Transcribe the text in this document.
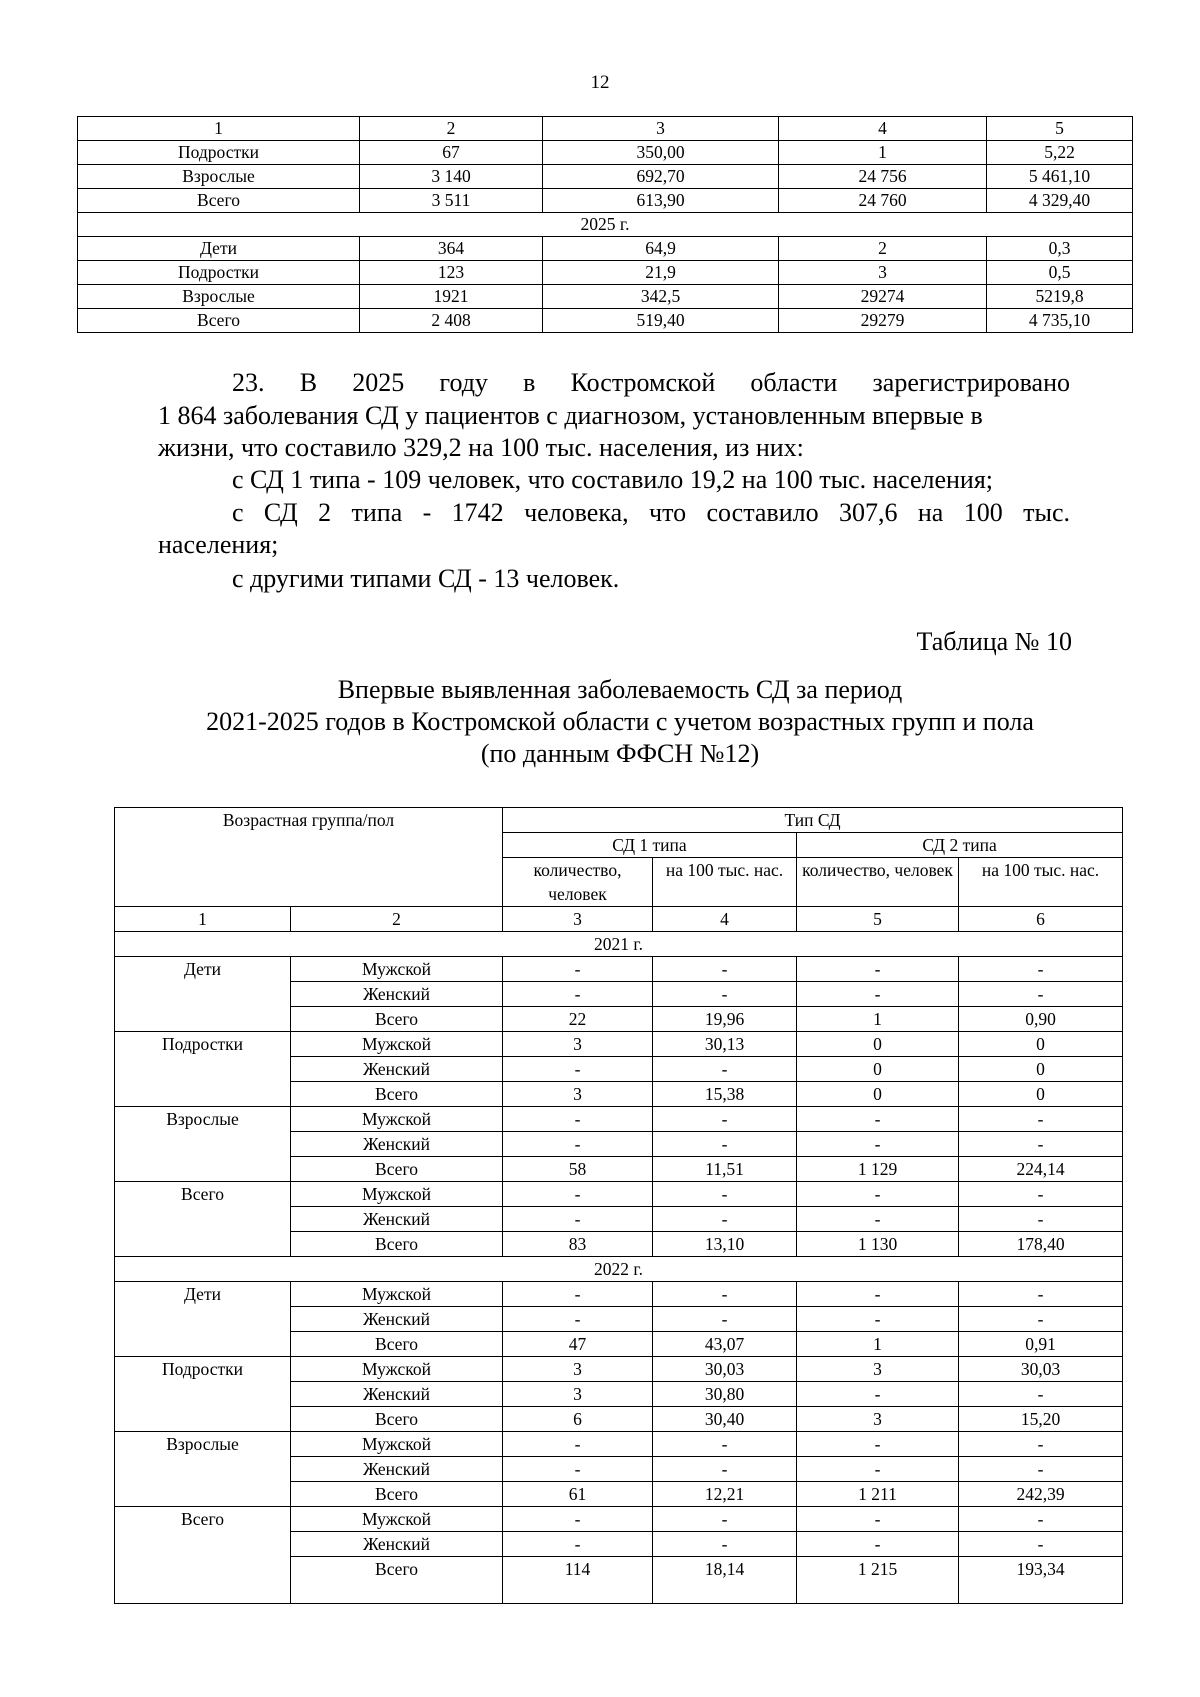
12
1	2	3	4	5
Подростки	67	350,00	1	5,22
Взрослые	3 140	692,70	24 756	5 461,10
Всего	3 511	613,90	24 760	4 329,40
2025 г.				
Дети	364	64,9	2	0,3
Подростки	123	21,9	3	0,5
Взрослые	1921	342,5	29274	5219,8
Всего	2 408	519,40	29279	4 735,10

23. В 2025 году в Костромской области зарегистрировано

1 864 заболевания СД у пациентов с диагнозом, установленным впервые в

жизни, что составило 329,2 на 100 тыс. населения, из них:

с СД 1 типа - 109 человек, что составило 19,2 на 100 тыс. населения;

с СД 2 типа - 1742 человека, что составило 307,6 на 100 тыс.

населения;

с другими типами СД - 13 человек.

Таблица № 10
Впервые выявленная заболеваемость СД за период
2021-2025 годов в Костромской области с учетом возрастных групп и пола
(по данным ФФСН №12)
Возрастная группа/пол		Тип СД			
		СД 1 типа		СД 2 типа	
		количество, человек	на 100 тыс. нас.	количество, человек	на 100 тыс. нас.
1	2	3	4	5	6
2021 г.					
Дети	Мужской	-	-	-	-
	Женский	-	-	-	-
	Всего	22	19,96	1	0,90
Подростки	Мужской	3	30,13	0	0
	Женский	-	-	0	0
	Всего	3	15,38	0	0
Взрослые	Мужской	-	-	-	-
	Женский	-	-	-	-
	Всего	58	11,51	1 129	224,14
Всего	Мужской	-	-	-	-
	Женский	-	-	-	-
	Всего	83	13,10	1 130	178,40
2022 г.					
Дети	Мужской	-	-	-	-
	Женский	-	-	-	-
	Всего	47	43,07	1	0,91
Подростки	Мужской	3	30,03	3	30,03
	Женский	3	30,80	-	-
	Всего	6	30,40	3	15,20
Взрослые	Мужской	-	-	-	-
	Женский	-	-	-	-
	Всего	61	12,21	1 211	242,39
Всего	Мужской	-	-	-	-
	Женский	-	-	-	-
	Всего	114	18,14	1 215	193,34
